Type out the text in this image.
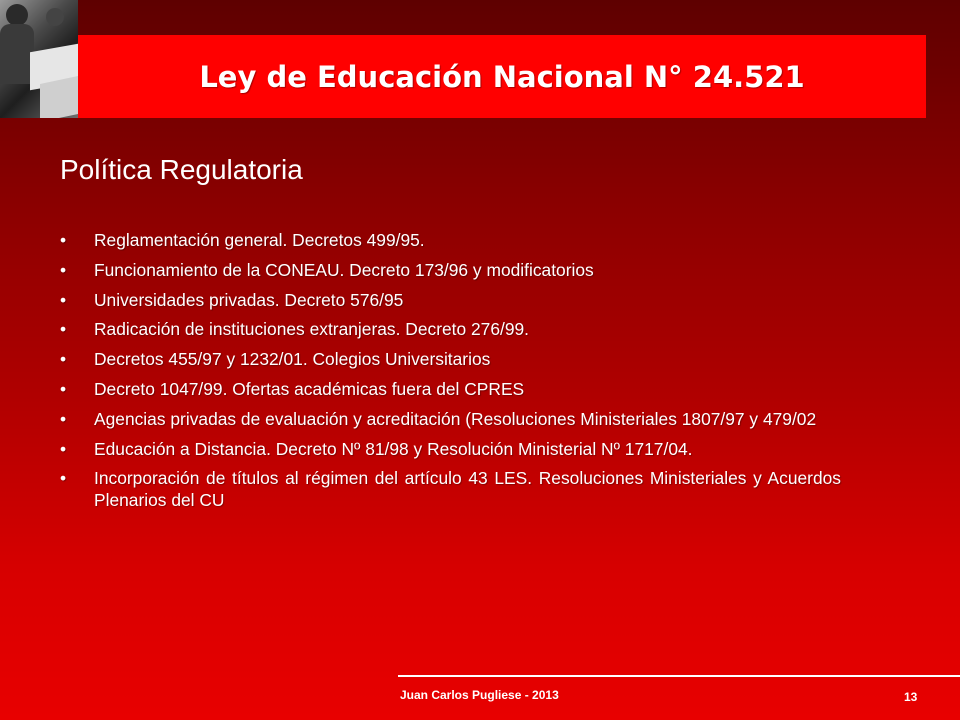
Ley de Educación Nacional N° 24.521
Política Regulatoria
• Reglamentación general. Decretos 499/95.
• Funcionamiento de la CONEAU. Decreto 173/96 y modificatorios
• Universidades privadas. Decreto 576/95
• Radicación de instituciones extranjeras. Decreto 276/99.
• Decretos 455/97 y 1232/01. Colegios Universitarios
• Decreto 1047/99. Ofertas académicas fuera del CPRES
• Agencias privadas de evaluación y acreditación (Resoluciones Ministeriales 1807/97 y 479/02
• Educación a Distancia. Decreto Nº 81/98 y Resolución Ministerial Nº 1717/04.
• Incorporación de títulos al régimen del artículo 43 LES. Resoluciones Ministeriales y Acuerdos Plenarios del CU
Juan Carlos Pugliese - 2013	13
